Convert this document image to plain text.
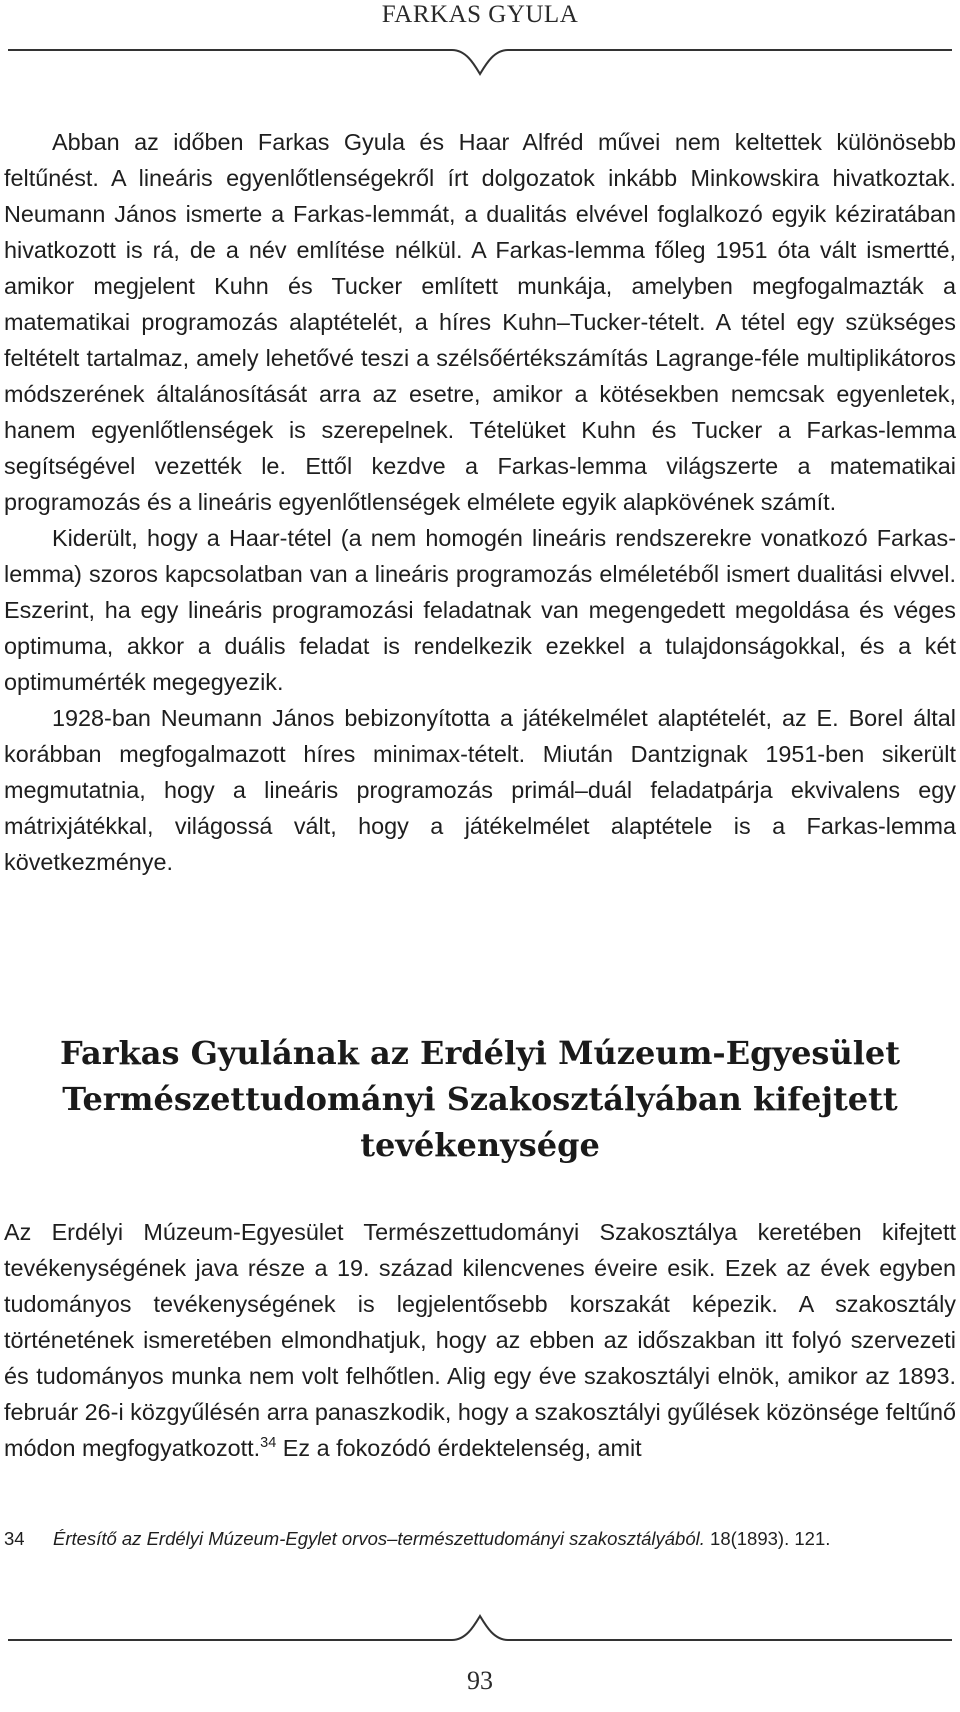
FARKAS GYULA

Abban az időben Farkas Gyula és Haar Alfréd művei nem keltettek különösebb feltűnést. A lineáris egyenlőtlenségekről írt dolgozatok inkább Minkowskira hivatkoztak. Neumann János ismerte a Farkas-lemmát, a dualitás elvével foglalkozó egyik kéziratában hivatkozott is rá, de a név említése nélkül. A Farkas-lemma főleg 1951 óta vált ismertté, amikor megjelent Kuhn és Tucker említett munkája, amelyben megfogalmazták a matematikai programozás alaptételét, a híres Kuhn–Tucker-tételt. A tétel egy szükséges feltételt tartalmaz, amely lehetővé teszi a szélsőértékszámítás Lagrange-féle multiplikátoros módszerének általánosítását arra az esetre, amikor a kötésekben nemcsak egyenletek, hanem egyenlőtlenségek is szerepelnek. Tételüket Kuhn és Tucker a Farkas-lemma segítségével vezették le. Ettől kezdve a Farkas-lemma világszerte a matematikai programozás és a lineáris egyenlőtlenségek elmélete egyik alapkövének számít.

Kiderült, hogy a Haar-tétel (a nem homogén lineáris rendszerekre vonatkozó Farkas-lemma) szoros kapcsolatban van a lineáris programozás elméletéből ismert dualitási elvvel. Eszerint, ha egy lineáris programozási feladatnak van megengedett megoldása és véges optimuma, akkor a duális feladat is rendelkezik ezekkel a tulajdonságokkal, és a két optimumérték megegyezik.

1928-ban Neumann János bebizonyította a játékelmélet alaptételét, az E. Borel által korábban megfogalmazott híres minimax-tételt. Miután Dantzignak 1951-ben sikerült megmutatnia, hogy a lineáris programozás primál–duál feladatpárja ekvivalens egy mátrixjátékkal, világossá vált, hogy a játékelmélet alaptétele is a Farkas-lemma következménye.

Farkas Gyulának az Erdélyi Múzeum-Egyesület Természettudományi Szakosztályában kifejtett tevékenysége

Az Erdélyi Múzeum-Egyesület Természettudományi Szakosztálya keretében kifejtett tevékenységének java része a 19. század kilencvenes éveire esik. Ezek az évek egyben tudományos tevékenységének is legjelentősebb korszakát képezik. A szakosztály történetének ismeretében elmondhatjuk, hogy az ebben az időszakban itt folyó szervezeti és tudományos munka nem volt felhőtlen. Alig egy éve szakosztályi elnök, amikor az 1893. február 26-i közgyűlésén arra panaszkodik, hogy a szakosztályi gyűlések közönsége feltűnő módon megfogyatkozott.$^{34}$ Ez a fokozódó érdektelenség, amit

34	Értesítő az Erdélyi Múzeum-Egylet orvos–természettudományi szakosztályából. 18(1893). 121.
93
